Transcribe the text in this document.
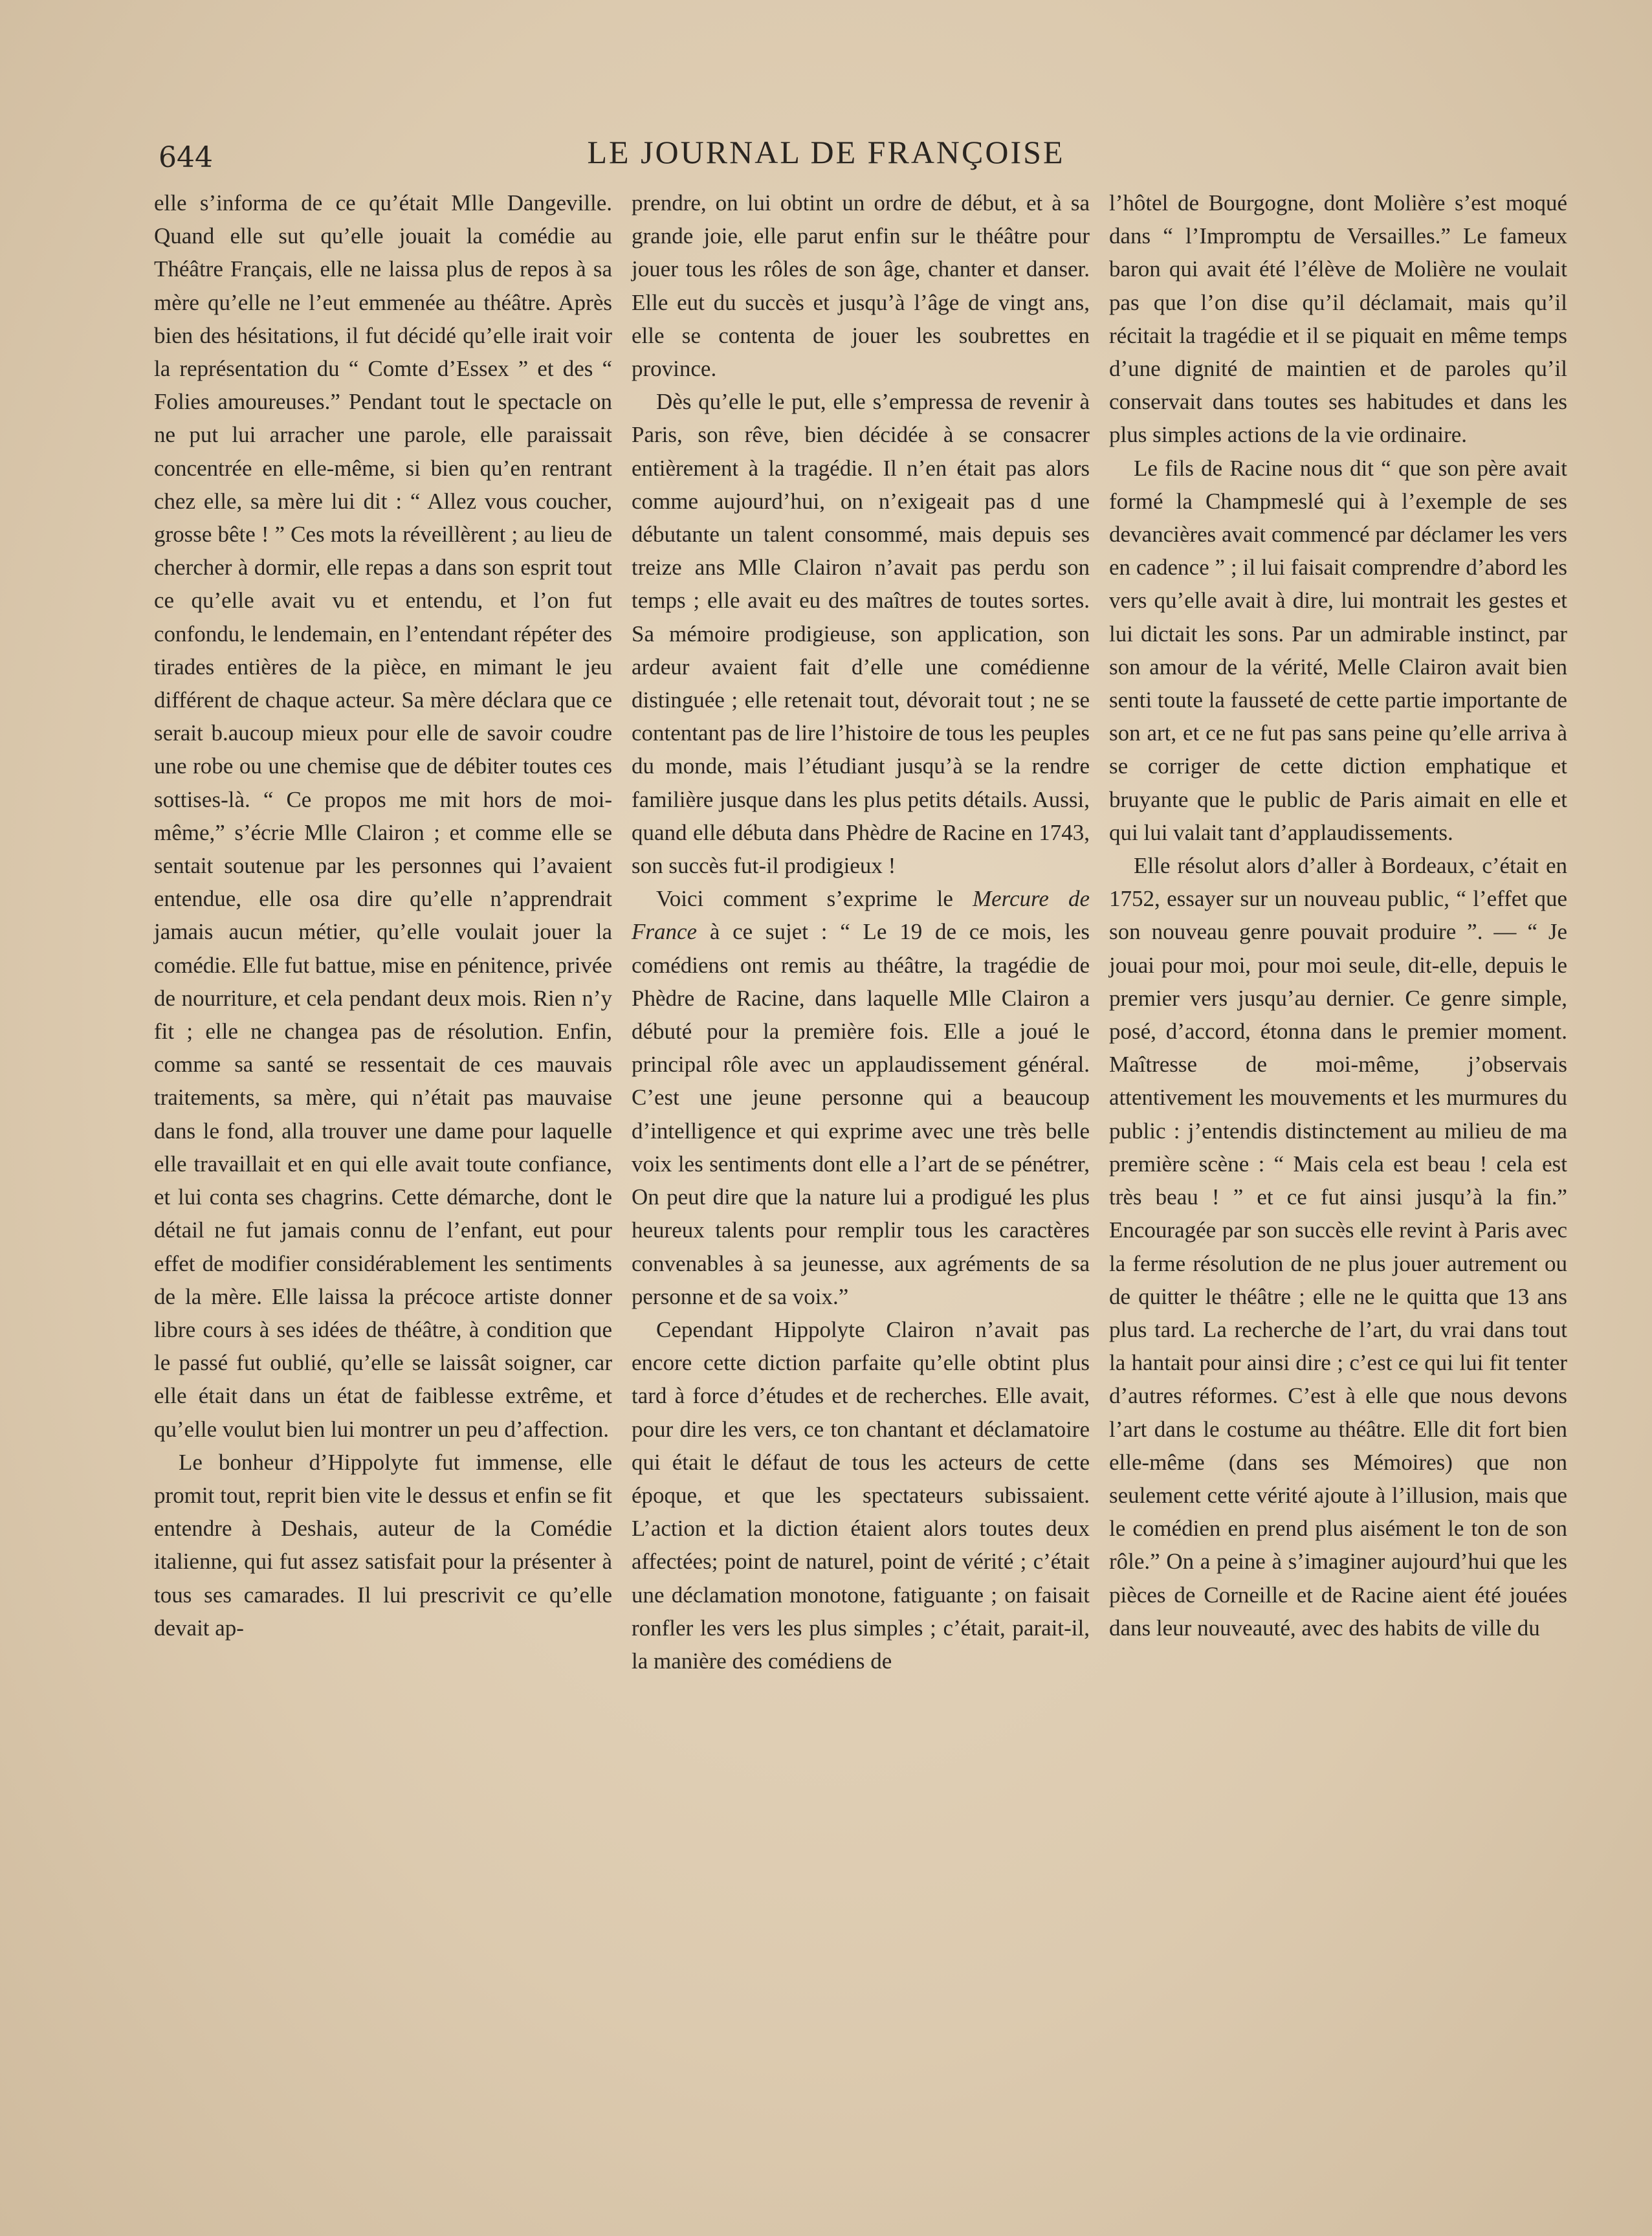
644	LE JOURNAL DE FRANÇOISE

elle s’informa de ce qu’était Mlle Dangeville. Quand elle sut qu’elle jouait la comédie au Théâtre Français, elle ne laissa plus de repos à sa mère qu’elle ne l’eut emmenée au théâtre. Après bien des hésitations, il fut décidé qu’elle irait voir la représentation du “ Comte d’Essex ” et des “ Folies amoureuses.” Pendant tout le spectacle on ne put lui arracher une parole, elle paraissait concentrée en elle-même, si bien qu’en rentrant chez elle, sa mère lui dit : “ Allez vous coucher, grosse bête ! ” Ces mots la réveillèrent ; au lieu de chercher à dormir, elle repas a dans son esprit tout ce qu’elle avait vu et entendu, et l’on fut confondu, le lendemain, en l’entendant répéter des tirades entières de la pièce, en mimant le jeu différent de chaque acteur. Sa mère déclara que ce serait b.aucoup mieux pour elle de savoir coudre une robe ou une chemise que de débiter toutes ces sottises-là. “ Ce propos me mit hors de moi-même,” s’écrie Mlle Clairon ; et comme elle se sentait soutenue par les personnes qui l’avaient entendue, elle osa dire qu’elle n’apprendrait jamais aucun métier, qu’elle voulait jouer la comédie. Elle fut battue, mise en pénitence, privée de nourriture, et cela pendant deux mois. Rien n’y fit ; elle ne changea pas de résolution. Enfin, comme sa santé se ressentait de ces mauvais traitements, sa mère, qui n’était pas mauvaise dans le fond, alla trouver une dame pour laquelle elle travaillait et en qui elle avait toute confiance, et lui conta ses chagrins. Cette démarche, dont le détail ne fut jamais connu de l’enfant, eut pour effet de modifier considérablement les sentiments de la mère. Elle laissa la précoce artiste donner libre cours à ses idées de théâtre, à condition que le passé fut oublié, qu’elle se laissât soigner, car elle était dans un état de faiblesse extrême, et qu’elle voulut bien lui montrer un peu d’affection.

Le bonheur d’Hippolyte fut immense, elle promit tout, reprit bien vite le dessus et enfin se fit entendre à Deshais, auteur de la Comédie italienne, qui fut assez satisfait pour la présenter à tous ses camarades. Il lui prescrivit ce qu’elle devait ap-

prendre, on lui obtint un ordre de début, et à sa grande joie, elle parut enfin sur le théâtre pour jouer tous les rôles de son âge, chanter et danser. Elle eut du succès et jusqu’à l’âge de vingt ans, elle se contenta de jouer les soubrettes en province.

Dès qu’elle le put, elle s’empressa de revenir à Paris, son rêve, bien décidée à se consacrer entièrement à la tragédie. Il n’en était pas alors comme aujourd’hui, on n’exigeait pas d une débutante un talent consommé, mais depuis ses treize ans Mlle Clairon n’avait pas perdu son temps ; elle avait eu des maîtres de toutes sortes. Sa mémoire prodigieuse, son application, son ardeur avaient fait d’elle une comédienne distinguée ; elle retenait tout, dévorait tout ; ne se contentant pas de lire l’histoire de tous les peuples du monde, mais l’étudiant jusqu’à se la rendre familière jusque dans les plus petits détails. Aussi, quand elle débuta dans Phèdre de Racine en 1743, son succès fut-il prodigieux !

Voici comment s’exprime le Mercure de France à ce sujet : “ Le 19 de ce mois, les comédiens ont remis au théâtre, la tragédie de Phèdre de Racine, dans laquelle Mlle Clairon a débuté pour la première fois. Elle a joué le principal rôle avec un applaudissement général. C’est une jeune personne qui a beaucoup d’intelligence et qui exprime avec une très belle voix les sentiments dont elle a l’art de se pénétrer, On peut dire que la nature lui a prodigué les plus heureux talents pour remplir tous les caractères convenables à sa jeunesse, aux agréments de sa personne et de sa voix.”

Cependant Hippolyte Clairon n’avait pas encore cette diction parfaite qu’elle obtint plus tard à force d’études et de recherches. Elle avait, pour dire les vers, ce ton chantant et déclamatoire qui était le défaut de tous les acteurs de cette époque, et que les spectateurs subissaient. L’action et la diction étaient alors toutes deux affectées; point de naturel, point de vérité ; c’était une déclamation monotone, fatiguante ; on faisait ronfler les vers les plus simples ; c’était, parait-il, la manière des comédiens de

l’hôtel de Bourgogne, dont Molière s’est moqué dans “ l’Impromptu de Versailles.” Le fameux baron qui avait été l’élève de Molière ne voulait pas que l’on dise qu’il déclamait, mais qu’il récitait la tragédie et il se piquait en même temps d’une dignité de maintien et de paroles qu’il conservait dans toutes ses habitudes et dans les plus simples actions de la vie ordinaire.

Le fils de Racine nous dit “ que son père avait formé la Champmeslé qui à l’exemple de ses devancières avait commencé par déclamer les vers en cadence ” ; il lui faisait comprendre d’abord les vers qu’elle avait à dire, lui montrait les gestes et lui dictait les sons. Par un admirable instinct, par son amour de la vérité, Melle Clairon avait bien senti toute la fausseté de cette partie importante de son art, et ce ne fut pas sans peine qu’elle arriva à se corriger de cette diction emphatique et bruyante que le public de Paris aimait en elle et qui lui valait tant d’applaudissements.

Elle résolut alors d’aller à Bordeaux, c’était en 1752, essayer sur un nouveau public, “ l’effet que son nouveau genre pouvait produire ”. — “ Je jouai pour moi, pour moi seule, dit-elle, depuis le premier vers jusqu’au dernier. Ce genre simple, posé, d’accord, étonna dans le premier moment. Maîtresse de moi-même, j’observais attentivement les mouvements et les murmures du public : j’entendis distinctement au milieu de ma première scène : “ Mais cela est beau ! cela est très beau ! ” et ce fut ainsi jusqu’à la fin.” Encouragée par son succès elle revint à Paris avec la ferme résolution de ne plus jouer autrement ou de quitter le théâtre ; elle ne le quitta que 13 ans plus tard. La recherche de l’art, du vrai dans tout la hantait pour ainsi dire ; c’est ce qui lui fit tenter d’autres réformes. C’est à elle que nous devons l’art dans le costume au théâtre. Elle dit fort bien elle-même (dans ses Mémoires) que non seulement cette vérité ajoute à l’illusion, mais que le comédien en prend plus aisément le ton de son rôle.” On a peine à s’imaginer aujourd’hui que les pièces de Corneille et de Racine aient été jouées dans leur nouveauté, avec des habits de ville du
